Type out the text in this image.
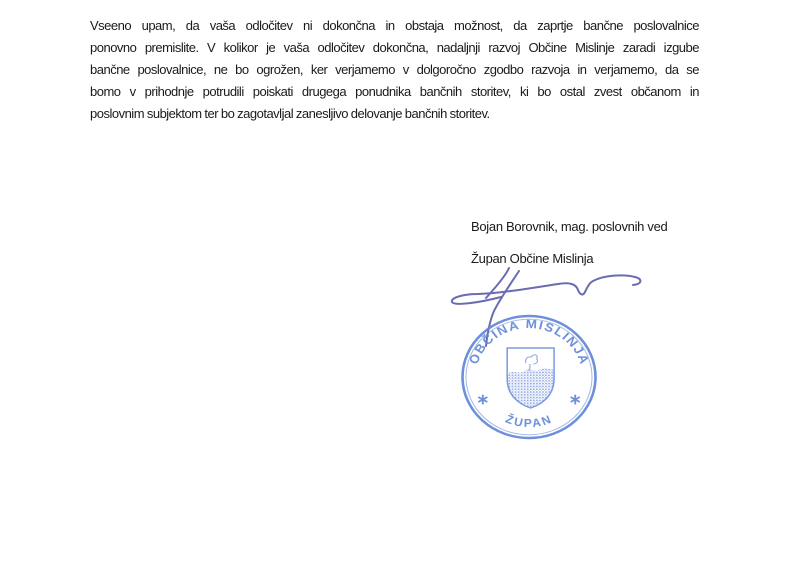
Vseeno upam, da vaša odločitev ni dokončna in obstaja možnost, da zaprtje bančne poslovalnice
ponovno premislite. V kolikor je vaša odločitev dokončna, nadaljnji razvoj Občine Mislinje zaradi izgube
bančne poslovalnice, ne bo ogrožen, ker verjamemo v dolgoročno zgodbo razvoja in verjamemo, da se
bomo v prihodnje potrudili poiskati drugega ponudnika bančnih storitev, ki bo ostal zvest občanom in
poslovnim subjektom ter bo zagotavljal zanesljivo delovanje bančnih storitev.
Bojan Borovnik, mag. poslovnih ved
Župan Občine Mislinja
OBČINA MISLINJA
ŽUPAN
